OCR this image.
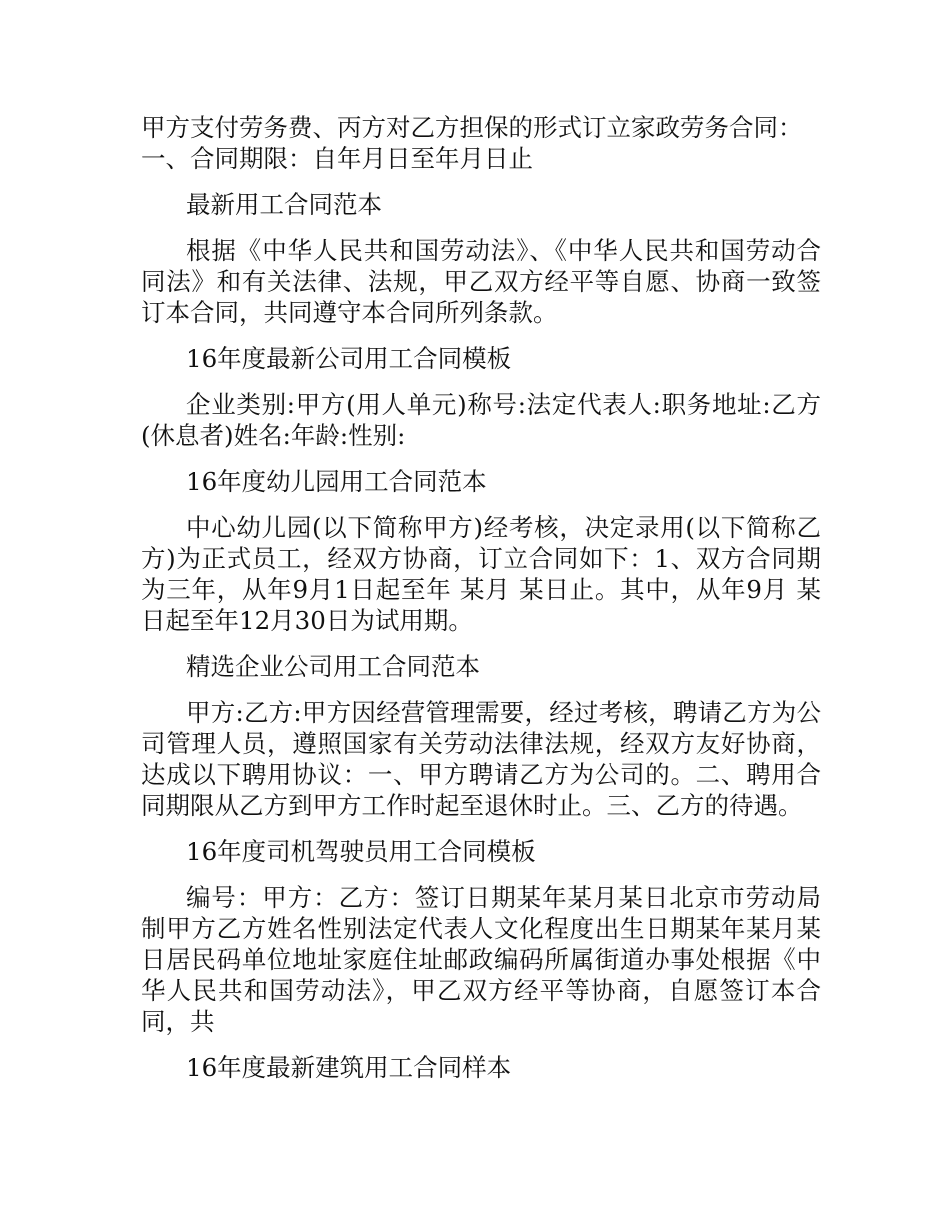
甲方支付劳务费、丙方对乙方担保的形式订立家政劳务合同：
一、合同期限：自年月日至年月日止
最新用工合同范本
根据《中华人民共和国劳动法》、《中华人民共和国劳动合同法》和有关法律、法规，甲乙双方经平等自愿、协商一致签订本合同，共同遵守本合同所列条款。
16年度最新公司用工合同模板
企业类别:甲方(用人单元)称号:法定代表人:职务地址:乙方(休息者)姓名:年龄:性别:
16年度幼儿园用工合同范本
中心幼儿园(以下简称甲方)经考核，决定录用(以下简称乙方)为正式员工，经双方协商，订立合同如下：1、双方合同期为三年，从年9月1日起至年 某月 某日止。其中，从年9月 某日起至年12月30日为试用期。
精选企业公司用工合同范本
甲方:乙方:甲方因经营管理需要，经过考核，聘请乙方为公司管理人员，遵照国家有关劳动法律法规，经双方友好协商，达成以下聘用协议：一、甲方聘请乙方为公司的。二、聘用合同期限从乙方到甲方工作时起至退休时止。三、乙方的待遇。
16年度司机驾驶员用工合同模板
编号：甲方：乙方：签订日期某年某月某日北京市劳动局制甲方乙方姓名性别法定代表人文化程度出生日期某年某月某日居民码单位地址家庭住址邮政编码所属街道办事处根据《中华人民共和国劳动法》，甲乙双方经平等协商，自愿签订本合同，共
16年度最新建筑用工合同样本
